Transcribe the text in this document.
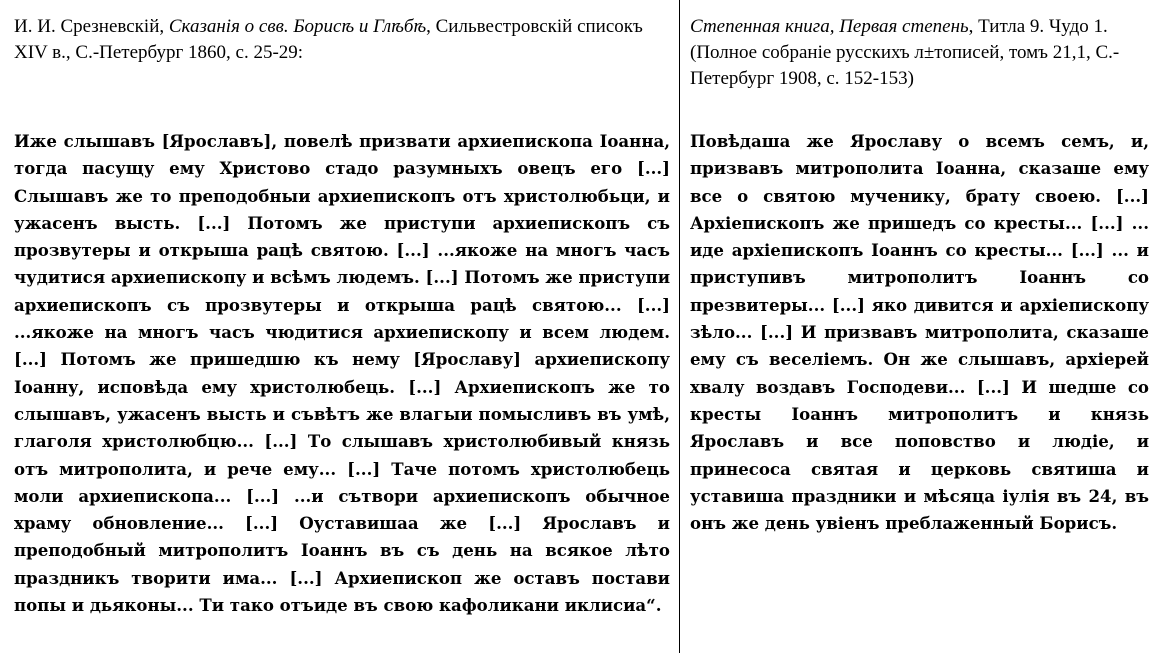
И. И. Срезневскій, Сказанія о свв. Борисѣ и Глѣбѣ, Сильвестровскій списокъ XIV в., С.-Петербург 1860, с. 25-29:

Иже слышавъ [Ярославъ], повелѣ призвати архиепископа Іоанна, тогда пасущу ему Христово стадо разумныхъ овецъ его [...] Слышавъ же то преподобныи архиепископъ отъ христолюбьци, и ужасенъ высть. [...] Потомъ же приступи архиепископъ съ прозвутеры и открыша рацѣ святою. [...] ...якоже на многъ часъ чудитися архиепископу и всѣмъ людемъ. [...] Потомъ же приступи архиепископъ съ прозвутеры и открыша рацѣ святою... [...] ...якоже на многъ часъ чюдитися архиепископу и всем людем. [...] Потомъ же пришедшю къ нему [Ярославу] архиепископу Іоанну, исповѣда ему христолюбець. [...] Архиепископъ же то слышавъ, ужасенъ высть и съвѣтъ же влагыи помысливъ въ умѣ, глаголя христолюбцю... [...] То слышавъ христолюбивый князь отъ митрополита, и рече ему... [...] Таче потомъ христолюбець моли архиепископа... [...] ...и сътвори архиепископъ обычное храму обновление... [...] Оуставишаа же [...] Ярославъ и преподобный митрополитъ Іоаннъ въ съ день на всякое лѣто праздникъ творити има... [...] Архиепископ же оставъ постави попы и дьяконы... Ти тако отъиде въ свою кафоликани иклисиа“.

Степенная книга, Первая степень, Титла 9. Чудо 1. (Полное собраніе русскихъ л±тописей, томъ 21,1, С.-Петербург 1908, с. 152-153)

Повѣдаша же Ярославу о всемъ семъ, и, призвавъ митрополита Іоанна, сказаше ему все о святою мученику, брату своею. [...] Архіепископъ же пришедъ со кресты... [...] ... иде архіепископъ Іоаннъ со кресты... [...] ... и приступивъ митрополитъ Іоаннъ со презвитеры... [...] яко дивится и архіепископу зѣло... [...] И призвавъ митрополита, сказаше ему съ веселіемъ. Он же слышавъ, архіерей хвалу воздавъ Господеви... [...] И шедше со кресты Іоаннъ митрополитъ и князь Ярославъ и все поповство и людіе, и принесоса святая и церковь святиша и уставиша праздники и мѣсяца іулія въ 24, въ онъ же день увіенъ преблаженный Борисъ.
